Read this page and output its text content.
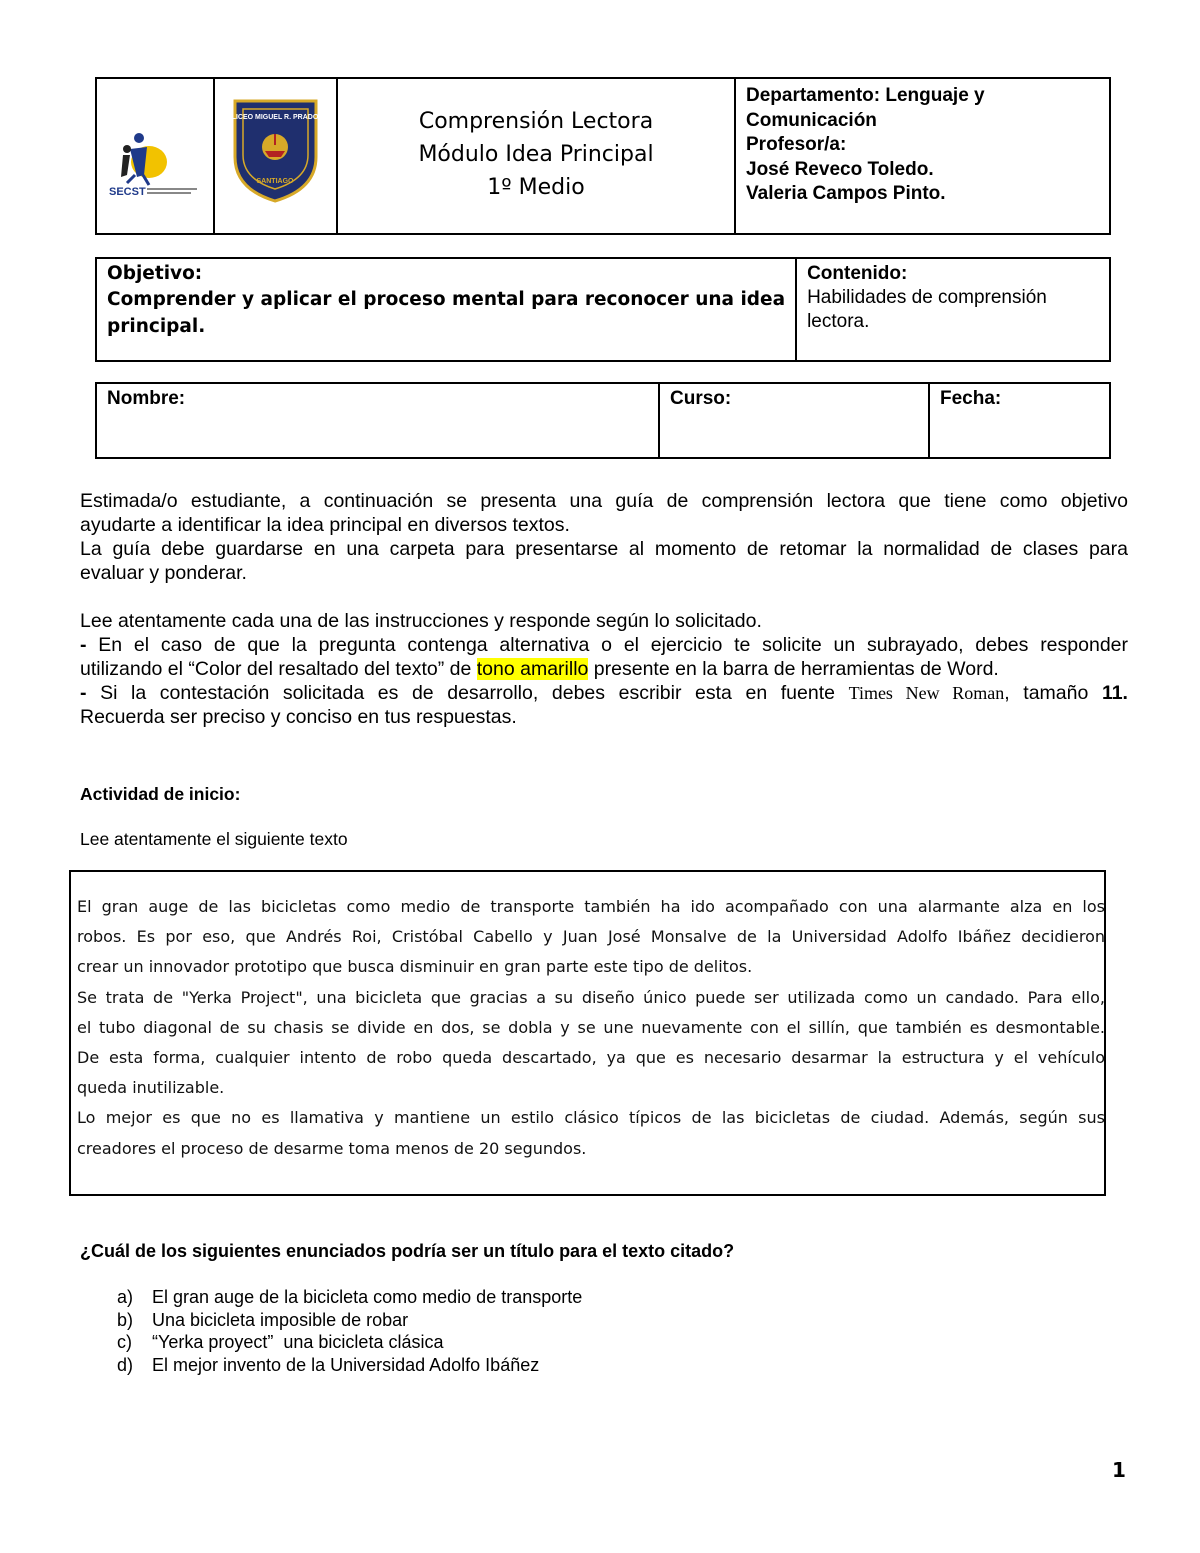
SECST

LICEO MIGUEL R. PRADO
SANTIAGO

Comprensión Lectora
Módulo Idea Principal
1º Medio

Departamento: Lenguaje y
Comunicación
Profesor/a:
José Reveco Toledo.
Valeria Campos Pinto.
Objetivo:
Comprender y aplicar el proceso mental para reconocer una idea
principal.

Contenido:
Habilidades de comprensión lectora.
Nombre:	Curso:	Fecha:
Estimada/o estudiante, a continuación se presenta una guía de comprensión lectora que tiene como objetivo
ayudarte a identificar la idea principal en diversos textos.
La guía debe guardarse en una carpeta para presentarse al momento de retomar la normalidad de clases para
evaluar y ponderar.
Lee atentamente cada una de las instrucciones y responde según lo solicitado.
- En el caso de que la pregunta contenga alternativa o el ejercicio te solicite un subrayado, debes responder
utilizando el “Color del resaltado del texto” de tono amarillo presente en la barra de herramientas de Word.
- Si la contestación solicitada es de desarrollo, debes escribir esta en fuente Times New Roman, tamaño 11.
Recuerda ser preciso y conciso en tus respuestas.
Actividad de inicio:
Lee atentamente el siguiente texto
El gran auge de las bicicletas como medio de transporte también ha ido acompañado con una alarmante alza en los
robos. Es por eso, que Andrés Roi, Cristóbal Cabello y Juan José Monsalve de la Universidad Adolfo Ibáñez decidieron
crear un innovador prototipo que busca disminuir en gran parte este tipo de delitos.
Se trata de "Yerka Project", una bicicleta que gracias a su diseño único puede ser utilizada como un candado. Para ello,
el tubo diagonal de su chasis se divide en dos, se dobla y se une nuevamente con el sillín, que también es desmontable.
De esta forma, cualquier intento de robo queda descartado, ya que es necesario desarmar la estructura y el vehículo
queda inutilizable.
Lo mejor es que no es llamativa y mantiene un estilo clásico típicos de las bicicletas de ciudad. Además, según sus
creadores el proceso de desarme toma menos de 20 segundos.
¿Cuál de los siguientes enunciados podría ser un título para el texto citado?
a) El gran auge de la bicicleta como medio de transporte
b) Una bicicleta imposible de robar
c) “Yerka proyect”  una bicicleta clásica
d) El mejor invento de la Universidad Adolfo Ibáñez
1
